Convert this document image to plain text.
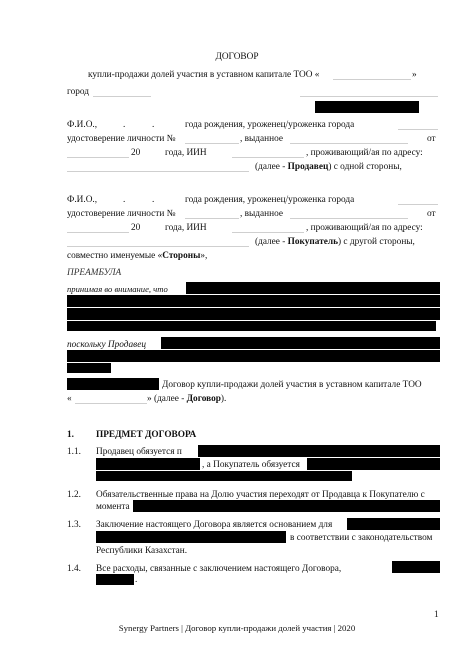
ДОГОВОР
купли-продажи долей участия в уставном капитале ТОО «	»
город
Ф.И.О.,	.	.	года рождения, уроженец/уроженка города
удостоверение личности №	, выданное	от
20	года, ИИН	, проживающий/ая по адресу:
(далее - Продавец) с одной стороны,
Ф.И.О.,	.	.	года рождения, уроженец/уроженка города
удостоверение личности №	, выданное	от
20	года, ИИН	, проживающий/ая по адресу:
(далее - Покупатель) с другой стороны,
совместно именуемые «Стороны»,
ПРЕАМБУЛА
принимая во внимание, что
поскольку Продавец
Договор купли-продажи долей участия в уставном капитале ТОО
«	» (далее - Договор).
1. ПРЕДМЕТ ДОГОВОРА
1.1. Продавец обязуется п
, а Покупатель обязуется
1.2. Обязательственные права на Долю участия переходят от Продавца к Покупателю с
момента
1.3. Заключение настоящего Договора является основанием для
в соответствии с законодательством
Республики Казахстан.
1.4. Все расходы, связанные с заключением настоящего Договора,
.
1
Synergy Partners | Договор купли-продажи долей участия | 2020
